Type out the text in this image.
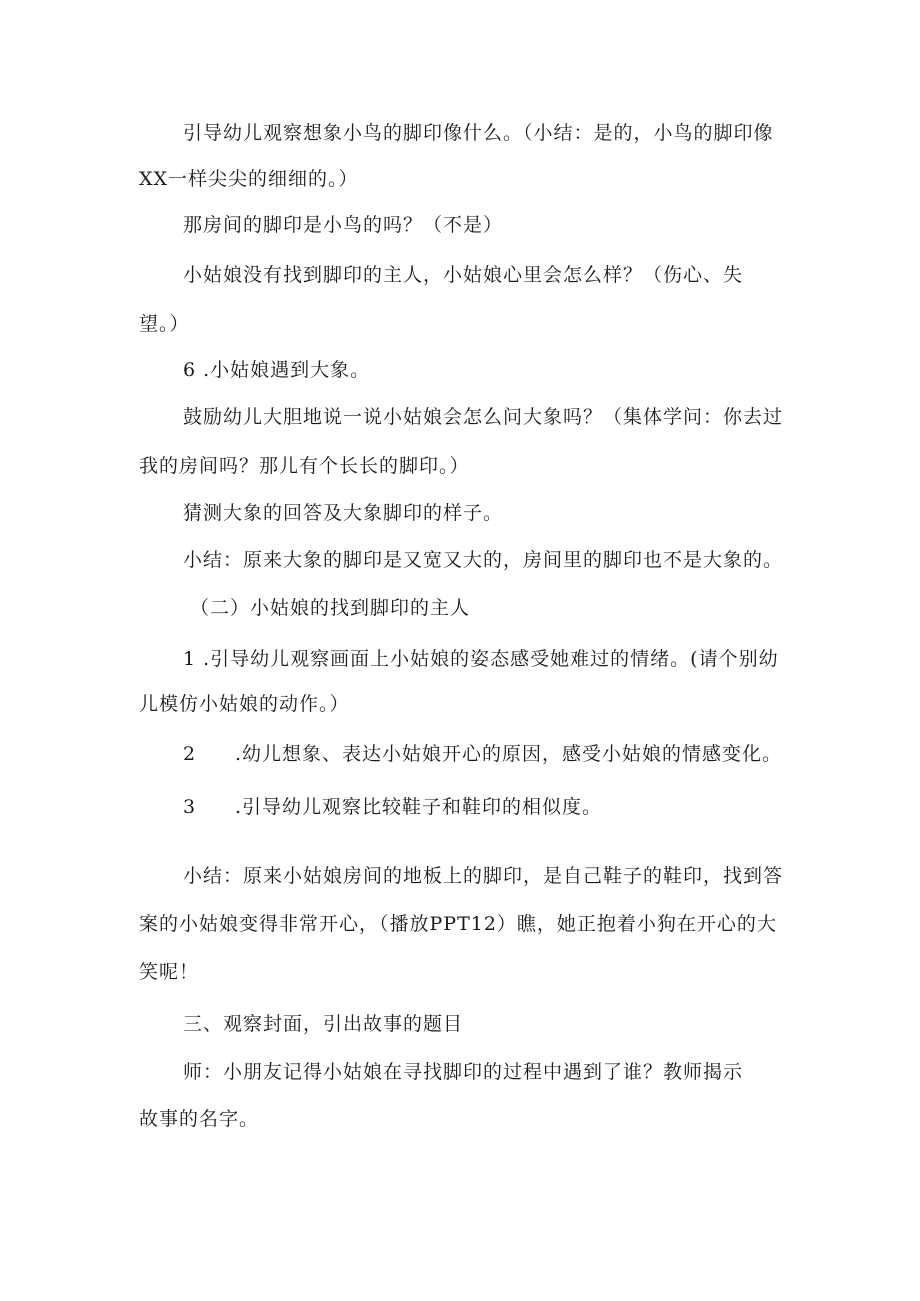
引导幼儿观察想象小鸟的脚印像什么。（小结：是的，小鸟的脚印像
XX一样尖尖的细细的。）
那房间的脚印是小鸟的吗？（不是）
小姑娘没有找到脚印的主人，小姑娘心里会怎么样？（伤心、失
望。）
6 .小姑娘遇到大象。
鼓励幼儿大胆地说一说小姑娘会怎么问大象吗？（集体学问：你去过
我的房间吗？那儿有个长长的脚印。）
猜测大象的回答及大象脚印的样子。
小结：原来大象的脚印是又宽又大的，房间里的脚印也不是大象的。
（二）小姑娘的找到脚印的主人
1 .引导幼儿观察画面上小姑娘的姿态感受她难过的情绪。(请个别幼
儿模仿小姑娘的动作。）
2 .幼儿想象、表达小姑娘开心的原因，感受小姑娘的情感变化。
3 .引导幼儿观察比较鞋子和鞋印的相似度。
小结：原来小姑娘房间的地板上的脚印，是自己鞋子的鞋印，找到答
案的小姑娘变得非常开心，（播放PPT12）瞧，她正抱着小狗在开心的大
笑呢！
三、观察封面，引出故事的题目
师：小朋友记得小姑娘在寻找脚印的过程中遇到了谁？教师揭示
故事的名字。
